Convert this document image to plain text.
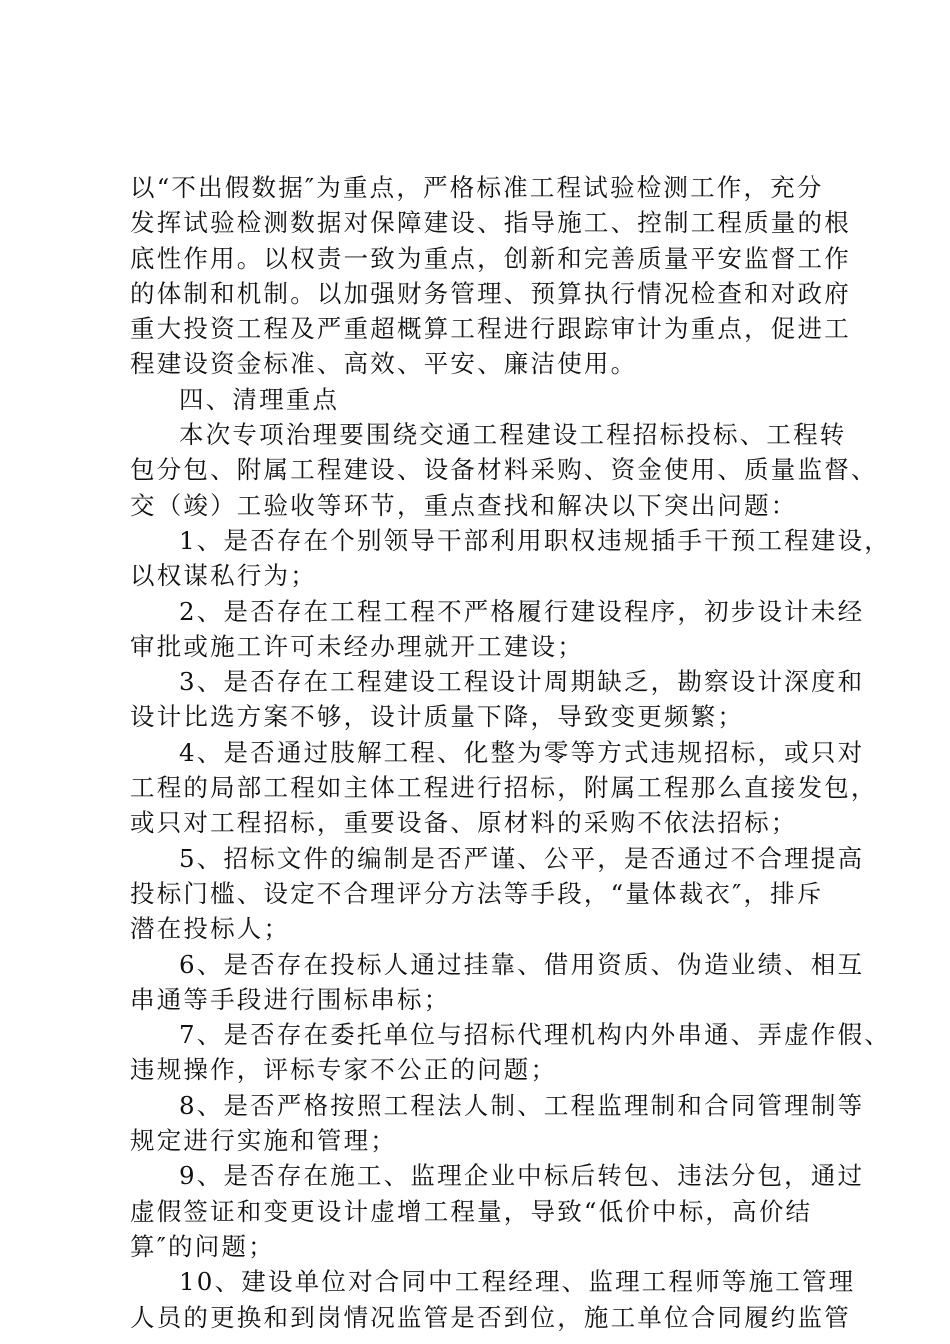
以“不出假数据″为重点，严格标准工程试验检测工作，充分

发挥试验检测数据对保障建设、指导施工、控制工程质量的根

底性作用。以权责一致为重点，创新和完善质量平安监督工作

的体制和机制。以加强财务管理、预算执行情况检查和对政府

重大投资工程及严重超概算工程进行跟踪审计为重点，促进工

程建设资金标准、高效、平安、廉洁使用。

四、清理重点

本次专项治理要围绕交通工程建设工程招标投标、工程转

包分包、附属工程建设、设备材料采购、资金使用、质量监督、

交（竣）工验收等环节，重点查找和解决以下突出问题：

1、是否存在个别领导干部利用职权违规插手干预工程建设，

以权谋私行为；

2、是否存在工程工程不严格履行建设程序，初步设计未经

审批或施工许可未经办理就开工建设；

3、是否存在工程建设工程设计周期缺乏，勘察设计深度和

设计比选方案不够，设计质量下降，导致变更频繁；

4、是否通过肢解工程、化整为零等方式违规招标，或只对

工程的局部工程如主体工程进行招标，附属工程那么直接发包，

或只对工程招标，重要设备、原材料的采购不依法招标；

5、招标文件的编制是否严谨、公平，是否通过不合理提高

投标门槛、设定不合理评分方法等手段，“量体裁衣″，排斥

潜在投标人；

6、是否存在投标人通过挂靠、借用资质、伪造业绩、相互

串通等手段进行围标串标；

7、是否存在委托单位与招标代理机构内外串通、弄虚作假、

违规操作，评标专家不公正的问题；

8、是否严格按照工程法人制、工程监理制和合同管理制等

规定进行实施和管理；

9、是否存在施工、监理企业中标后转包、违法分包，通过

虚假签证和变更设计虚增工程量，导致“低价中标，高价结

算″的问题；

10、建设单位对合同中工程经理、监理工程师等施工管理

人员的更换和到岗情况监管是否到位，施工单位合同履约监管
